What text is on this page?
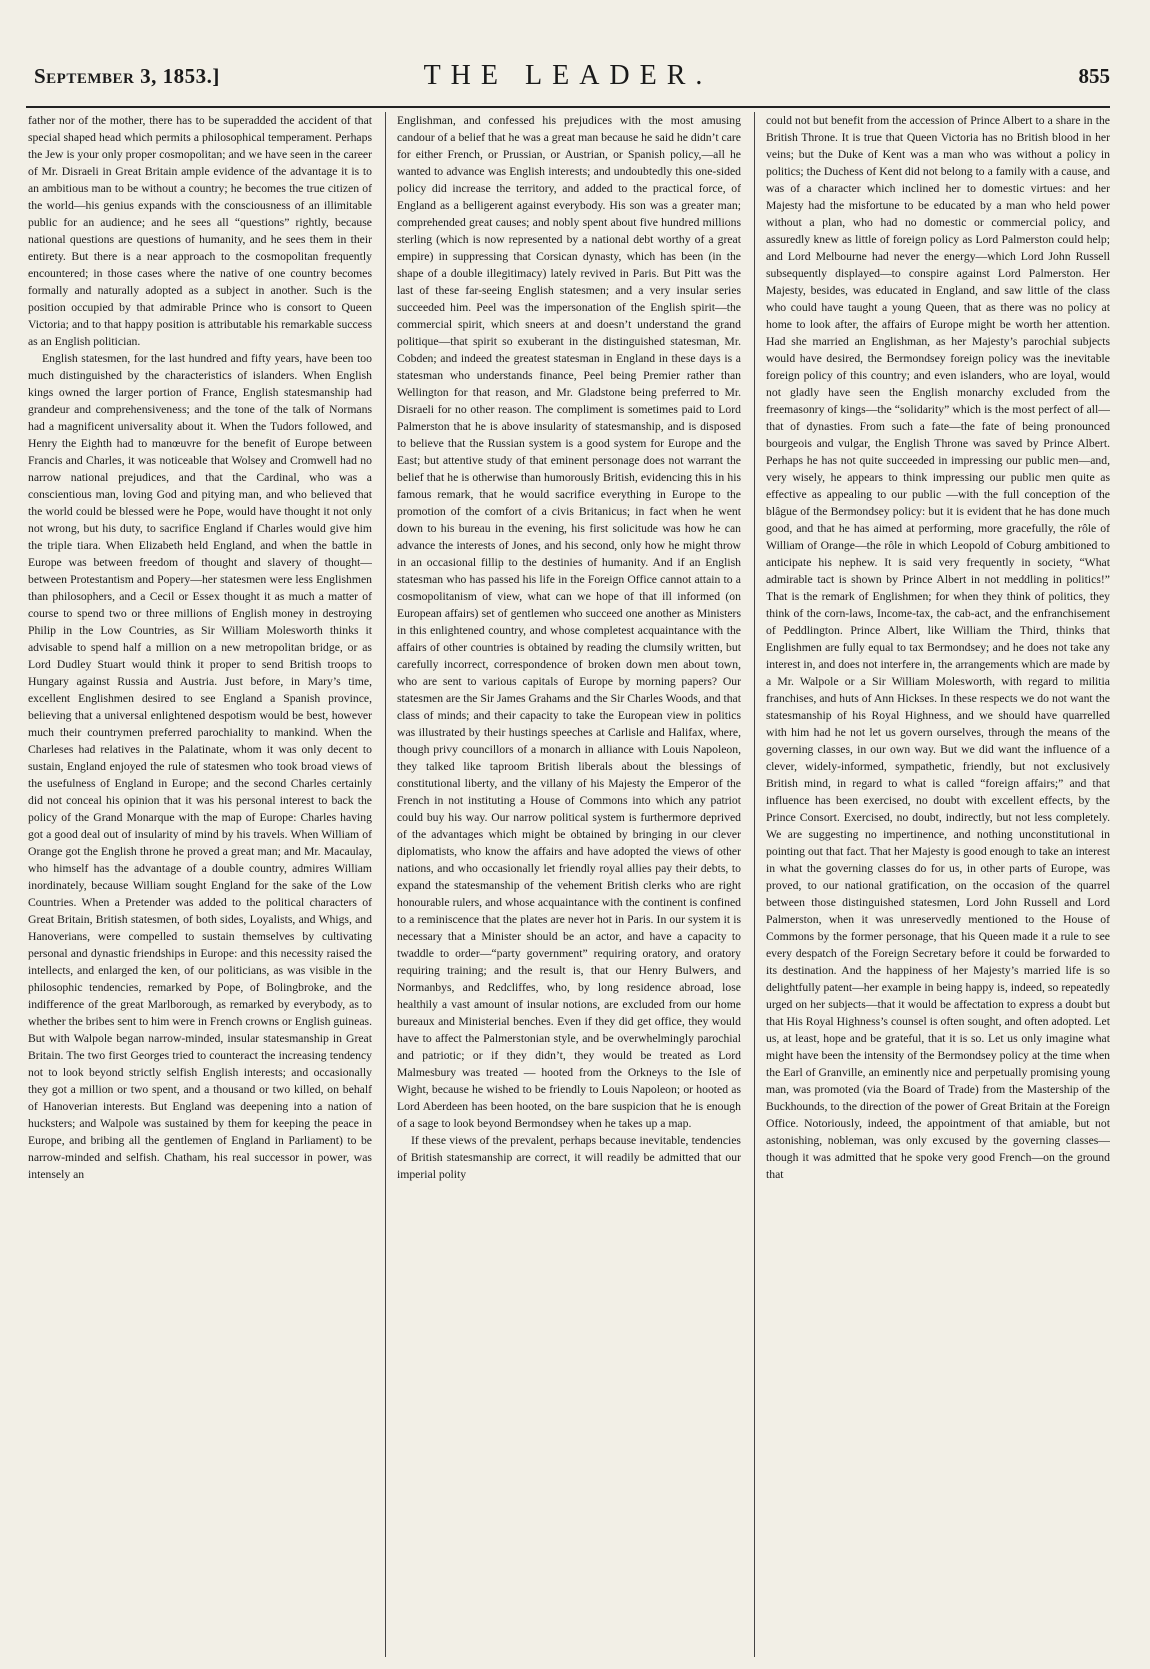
September 3, 1853.]	THE LEADER.	855

father nor of the mother, there has to be superadded the accident of that special shaped head which permits a philosophical temperament. Perhaps the Jew is your only proper cosmopolitan; and we have seen in the career of Mr. Disraeli in Great Britain ample evidence of the advantage it is to an ambitious man to be without a country; he becomes the true citizen of the world—his genius expands with the consciousness of an illimitable public for an audience; and he sees all “questions” rightly, because national questions are questions of humanity, and he sees them in their entirety. But there is a near approach to the cosmopolitan frequently encountered; in those cases where the native of one country becomes formally and naturally adopted as a subject in another. Such is the position occupied by that admirable Prince who is consort to Queen Victoria; and to that happy position is attributable his remarkable success as an English politician.

English statesmen, for the last hundred and fifty years, have been too much distinguished by the characteristics of islanders. When English kings owned the larger portion of France, English statesmanship had grandeur and comprehensiveness; and the tone of the talk of Normans had a magnificent universality about it. When the Tudors followed, and Henry the Eighth had to manœuvre for the benefit of Europe between Francis and Charles, it was noticeable that Wolsey and Cromwell had no narrow national prejudices, and that the Cardinal, who was a conscientious man, loving God and pitying man, and who believed that the world could be blessed were he Pope, would have thought it not only not wrong, but his duty, to sacrifice England if Charles would give him the triple tiara. When Elizabeth held England, and when the battle in Europe was between freedom of thought and slavery of thought—between Protestantism and Popery—her statesmen were less Englishmen than philosophers, and a Cecil or Essex thought it as much a matter of course to spend two or three millions of English money in destroying Philip in the Low Countries, as Sir William Molesworth thinks it advisable to spend half a million on a new metropolitan bridge, or as Lord Dudley Stuart would think it proper to send British troops to Hungary against Russia and Austria. Just before, in Mary’s time, excellent Englishmen desired to see England a Spanish province, believing that a universal enlightened despotism would be best, however much their countrymen preferred parochiality to mankind. When the Charleses had relatives in the Palatinate, whom it was only decent to sustain, England enjoyed the rule of statesmen who took broad views of the usefulness of England in Europe; and the second Charles certainly did not conceal his opinion that it was his personal interest to back the policy of the Grand Monarque with the map of Europe: Charles having got a good deal out of insularity of mind by his travels. When William of Orange got the English throne he proved a great man; and Mr. Macaulay, who himself has the advantage of a double country, admires William inordinately, because William sought England for the sake of the Low Countries. When a Pretender was added to the political characters of Great Britain, British statesmen, of both sides, Loyalists, and Whigs, and Hanoverians, were compelled to sustain themselves by cultivating personal and dynastic friendships in Europe: and this necessity raised the intellects, and enlarged the ken, of our politicians, as was visible in the philosophic tendencies, remarked by Pope, of Bolingbroke, and the indifference of the great Marlborough, as remarked by everybody, as to whether the bribes sent to him were in French crowns or English guineas. But with Walpole began narrow-minded, insular statesmanship in Great Britain. The two first Georges tried to counteract the increasing tendency not to look beyond strictly selfish English interests; and occasionally they got a million or two spent, and a thousand or two killed, on behalf of Hanoverian interests. But England was deepening into a nation of hucksters; and Walpole was sustained by them for keeping the peace in Europe, and bribing all the gentlemen of England in Parliament) to be narrow-minded and selfish. Chatham, his real successor in power, was intensely an

Englishman, and confessed his prejudices with the most amusing candour of a belief that he was a great man because he said he didn’t care for either French, or Prussian, or Austrian, or Spanish policy,—all he wanted to advance was English interests; and undoubtedly this one-sided policy did increase the territory, and added to the practical force, of England as a belligerent against everybody. His son was a greater man; comprehended great causes; and nobly spent about five hundred millions sterling (which is now represented by a national debt worthy of a great empire) in suppressing that Corsican dynasty, which has been (in the shape of a double illegitimacy) lately revived in Paris. But Pitt was the last of these far-seeing English statesmen; and a very insular series succeeded him. Peel was the impersonation of the English spirit—the commercial spirit, which sneers at and doesn’t understand the grand politique—that spirit so exuberant in the distinguished statesman, Mr. Cobden; and indeed the greatest statesman in England in these days is a statesman who understands finance, Peel being Premier rather than Wellington for that reason, and Mr. Gladstone being preferred to Mr. Disraeli for no other reason. The compliment is sometimes paid to Lord Palmerston that he is above insularity of statesmanship, and is disposed to believe that the Russian system is a good system for Europe and the East; but attentive study of that eminent personage does not warrant the belief that he is otherwise than humorously British, evidencing this in his famous remark, that he would sacrifice everything in Europe to the promotion of the comfort of a civis Britanicus; in fact when he went down to his bureau in the evening, his first solicitude was how he can advance the interests of Jones, and his second, only how he might throw in an occasional fillip to the destinies of humanity. And if an English statesman who has passed his life in the Foreign Office cannot attain to a cosmopolitanism of view, what can we hope of that ill informed (on European affairs) set of gentlemen who succeed one another as Ministers in this enlightened country, and whose completest acquaintance with the affairs of other countries is obtained by reading the clumsily written, but carefully incorrect, correspondence of broken down men about town, who are sent to various capitals of Europe by morning papers? Our statesmen are the Sir James Grahams and the Sir Charles Woods, and that class of minds; and their capacity to take the European view in politics was illustrated by their hustings speeches at Carlisle and Halifax, where, though privy councillors of a monarch in alliance with Louis Napoleon, they talked like taproom British liberals about the blessings of constitutional liberty, and the villany of his Majesty the Emperor of the French in not instituting a House of Commons into which any patriot could buy his way. Our narrow political system is furthermore deprived of the advantages which might be obtained by bringing in our clever diplomatists, who know the affairs and have adopted the views of other nations, and who occasionally let friendly royal allies pay their debts, to expand the statesmanship of the vehement British clerks who are right honourable rulers, and whose acquaintance with the continent is confined to a reminiscence that the plates are never hot in Paris. In our system it is necessary that a Minister should be an actor, and have a capacity to twaddle to order—“party government” requiring oratory, and oratory requiring training; and the result is, that our Henry Bulwers, and Normanbys, and Redcliffes, who, by long residence abroad, lose healthily a vast amount of insular notions, are excluded from our home bureaux and Ministerial benches. Even if they did get office, they would have to affect the Palmerstonian style, and be overwhelmingly parochial and patriotic; or if they didn’t, they would be treated as Lord Malmesbury was treated — hooted from the Orkneys to the Isle of Wight, because he wished to be friendly to Louis Napoleon; or hooted as Lord Aberdeen has been hooted, on the bare suspicion that he is enough of a sage to look beyond Bermondsey when he takes up a map.

If these views of the prevalent, perhaps because inevitable, tendencies of British statesmanship are correct, it will readily be admitted that our imperial polity

could not but benefit from the accession of Prince Albert to a share in the British Throne. It is true that Queen Victoria has no British blood in her veins; but the Duke of Kent was a man who was without a policy in politics; the Duchess of Kent did not belong to a family with a cause, and was of a character which inclined her to domestic virtues: and her Majesty had the misfortune to be educated by a man who held power without a plan, who had no domestic or commercial policy, and assuredly knew as little of foreign policy as Lord Palmerston could help; and Lord Melbourne had never the energy—which Lord John Russell subsequently displayed—to conspire against Lord Palmerston. Her Majesty, besides, was educated in England, and saw little of the class who could have taught a young Queen, that as there was no policy at home to look after, the affairs of Europe might be worth her attention. Had she married an Englishman, as her Majesty’s parochial subjects would have desired, the Bermondsey foreign policy was the inevitable foreign policy of this country; and even islanders, who are loyal, would not gladly have seen the English monarchy excluded from the freemasonry of kings—the “solidarity” which is the most perfect of all—that of dynasties. From such a fate—the fate of being pronounced bourgeois and vulgar, the English Throne was saved by Prince Albert. Perhaps he has not quite succeeded in impressing our public men—and, very wisely, he appears to think impressing our public men quite as effective as appealing to our public —with the full conception of the blâgue of the Bermondsey policy: but it is evident that he has done much good, and that he has aimed at performing, more gracefully, the rôle of William of Orange—the rôle in which Leopold of Coburg ambitioned to anticipate his nephew. It is said very frequently in society, “What admirable tact is shown by Prince Albert in not meddling in politics!” That is the remark of Englishmen; for when they think of politics, they think of the corn-laws, Income-tax, the cab-act, and the enfranchisement of Peddlington. Prince Albert, like William the Third, thinks that Englishmen are fully equal to tax Bermondsey; and he does not take any interest in, and does not interfere in, the arrangements which are made by a Mr. Walpole or a Sir William Molesworth, with regard to militia franchises, and huts of Ann Hickses. In these respects we do not want the statesmanship of his Royal Highness, and we should have quarrelled with him had he not let us govern ourselves, through the means of the governing classes, in our own way. But we did want the influence of a clever, widely-informed, sympathetic, friendly, but not exclusively British mind, in regard to what is called “foreign affairs;” and that influence has been exercised, no doubt with excellent effects, by the Prince Consort. Exercised, no doubt, indirectly, but not less completely. We are suggesting no impertinence, and nothing unconstitutional in pointing out that fact. That her Majesty is good enough to take an interest in what the governing classes do for us, in other parts of Europe, was proved, to our national gratification, on the occasion of the quarrel between those distinguished statesmen, Lord John Russell and Lord Palmerston, when it was unreservedly mentioned to the House of Commons by the former personage, that his Queen made it a rule to see every despatch of the Foreign Secretary before it could be forwarded to its destination. And the happiness of her Majesty’s married life is so delightfully patent—her example in being happy is, indeed, so repeatedly urged on her subjects—that it would be affectation to express a doubt but that His Royal Highness’s counsel is often sought, and often adopted. Let us, at least, hope and be grateful, that it is so. Let us only imagine what might have been the intensity of the Bermondsey policy at the time when the Earl of Granville, an eminently nice and perpetually promising young man, was promoted (via the Board of Trade) from the Mastership of the Buckhounds, to the direction of the power of Great Britain at the Foreign Office. Notoriously, indeed, the appointment of that amiable, but not astonishing, nobleman, was only excused by the governing classes—though it was admitted that he spoke very good French—on the ground that
